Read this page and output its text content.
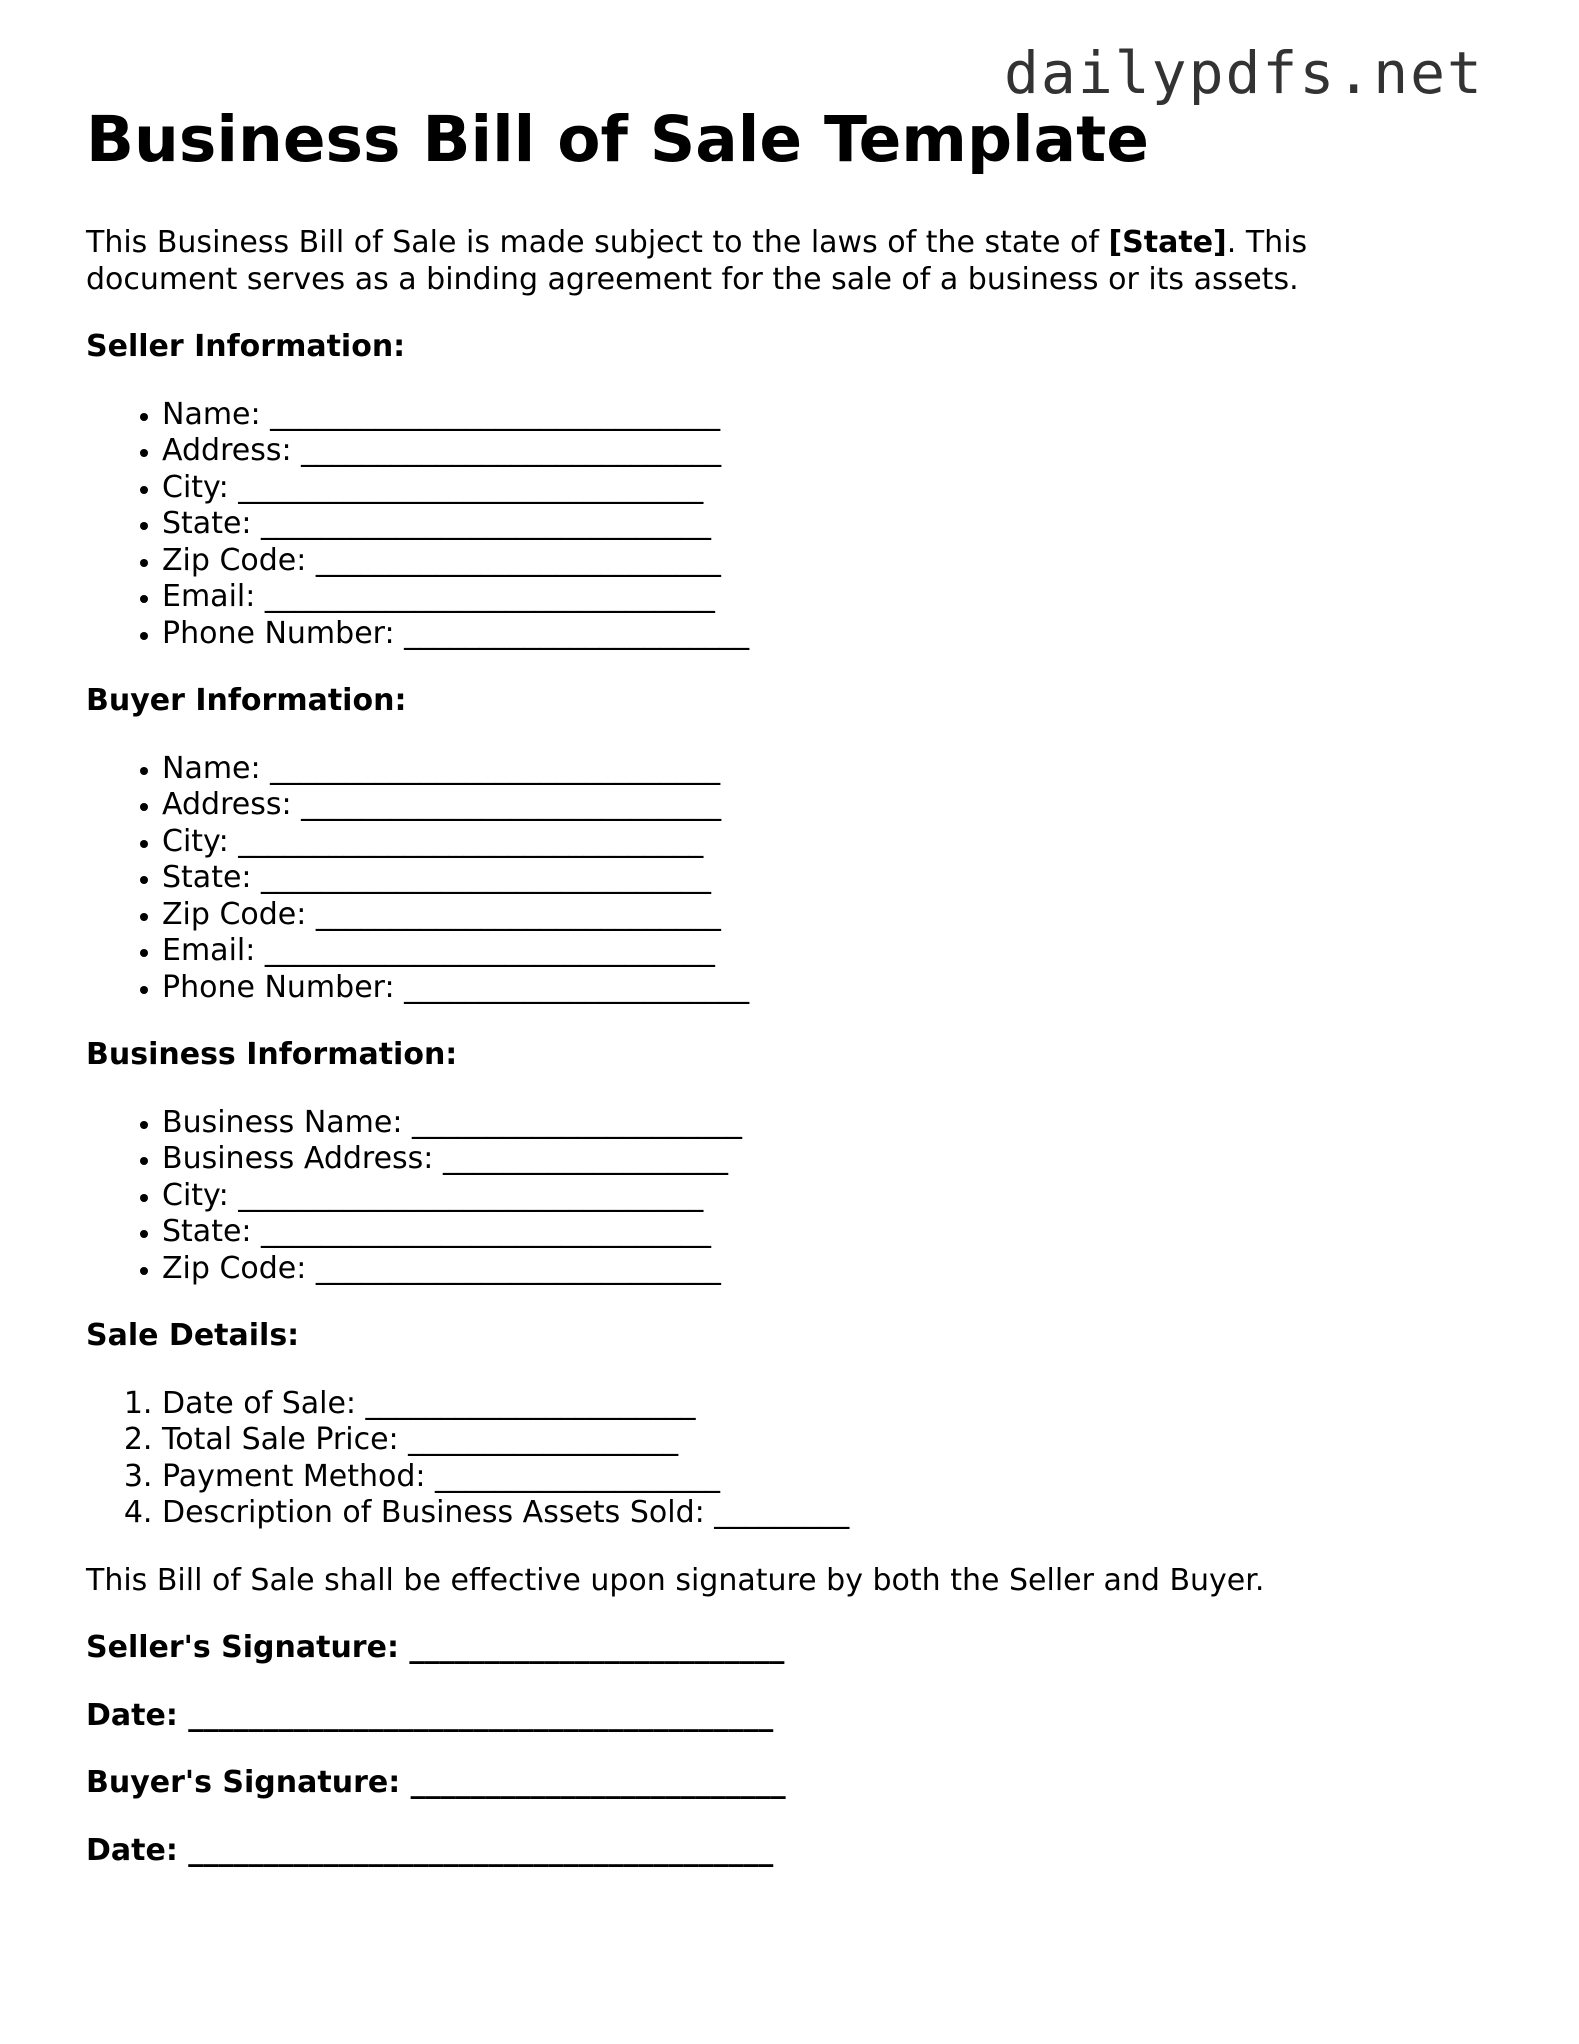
dailypdfs.net
Business Bill of Sale Template

This Business Bill of Sale is made subject to the laws of the state of [State]. This document serves as a binding agreement for the sale of a business or its assets.

Seller Information:

• Name: ______________________________
• Address: ____________________________
• City: _______________________________
• State: ______________________________
• Zip Code: ___________________________
• Email: ______________________________
• Phone Number: _______________________

Buyer Information:

• Name: ______________________________
• Address: ____________________________
• City: _______________________________
• State: ______________________________
• Zip Code: ___________________________
• Email: ______________________________
• Phone Number: _______________________

Business Information:

• Business Name: ______________________
• Business Address: ___________________
• City: _______________________________
• State: ______________________________
• Zip Code: ___________________________

Sale Details:

1. Date of Sale: ______________________
2. Total Sale Price: __________________
3. Payment Method: ___________________
4. Description of Business Assets Sold: _________

This Bill of Sale shall be effective upon signature by both the Seller and Buyer.

Seller's Signature: _________________________

Date: _______________________________________

Buyer's Signature: _________________________

Date: _______________________________________
